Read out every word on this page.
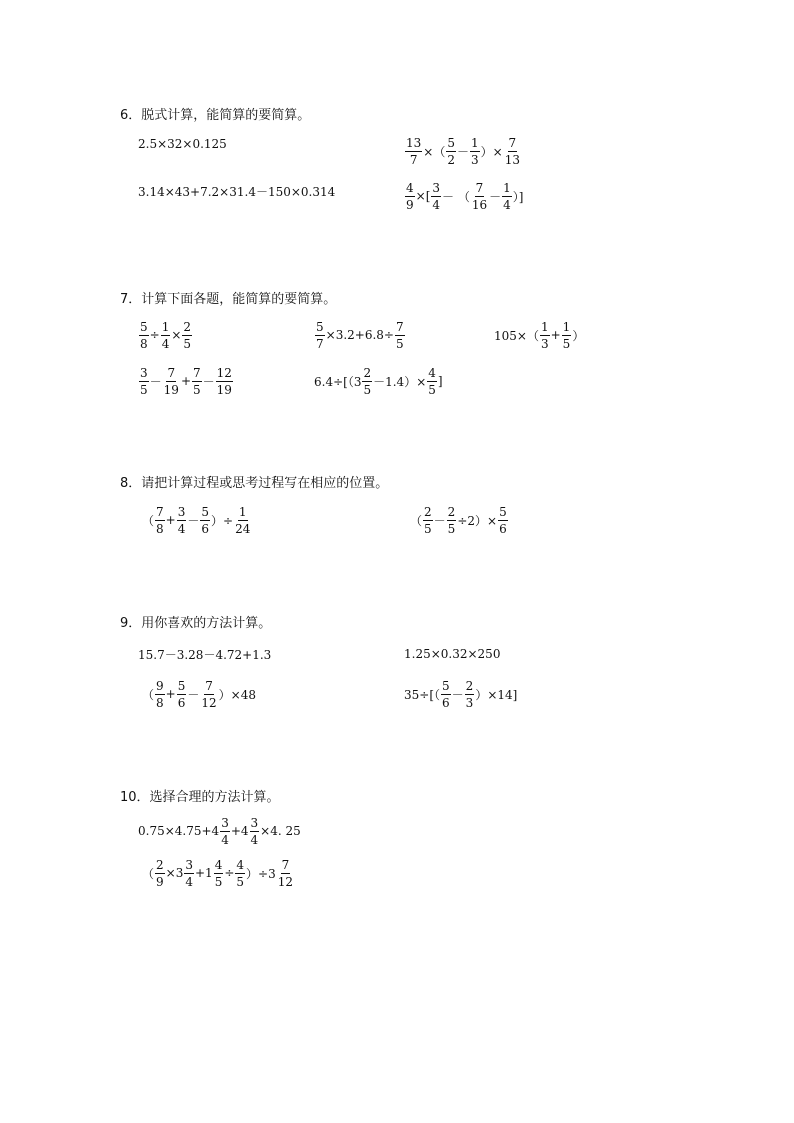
6．脱式计算，能简算的要简算。
2.5×32×0.125	$\frac{13}{7}$ ×（ $\frac{5}{2} - \frac{1}{3}$ ）× $\frac{7}{13}$
3.14×43+7.2×31.4－150×0.314	$\frac{4}{9}$ ×[ $\frac{3}{4}$ － （ $\frac{7}{16} - \frac{1}{4}$ ）]
7．计算下面各题，能简算的要简算。
$\frac{5}{8} \div \frac{1}{4} \times \frac{2}{5}$	$\frac{5}{7} \times 3.2+6.8\div \frac{7}{5}$	$105\times( \frac{1}{3} + \frac{1}{5}$ ）
$\frac{3}{5} - \frac{7}{19} + \frac{7}{5} - \frac{12}{19}$	$6.4\div[(3 \frac{2}{5} -1.4)\times \frac{4}{5}$ ]
8．请把计算过程或思考过程写在相应的位置。
（ $\frac{7}{8} + \frac{3}{4} - \frac{5}{6}$ ）÷ $\frac{1}{24}$	（ $\frac{2}{5} - \frac{2}{5} \div 2)\times \frac{5}{6}$
9．用你喜欢的方法计算。
15.7－3.28－4.72+1.3	1.25×0.32×250
（ $\frac{9}{8} + \frac{5}{6} - \frac{7}{12} )\times 48$	$35\div[( \frac{5}{6} - \frac{2}{3} )\times 14]$
10．选择合理的方法计算。
$0.75\times 4.75+4 \frac{3}{4} +4 \frac{3}{4} \times 4$. 25
（ $\frac{2}{9} \times 3 \frac{3}{4} +1 \frac{4}{5} \div \frac{4}{5} )\div 3 \frac{7}{12}$
